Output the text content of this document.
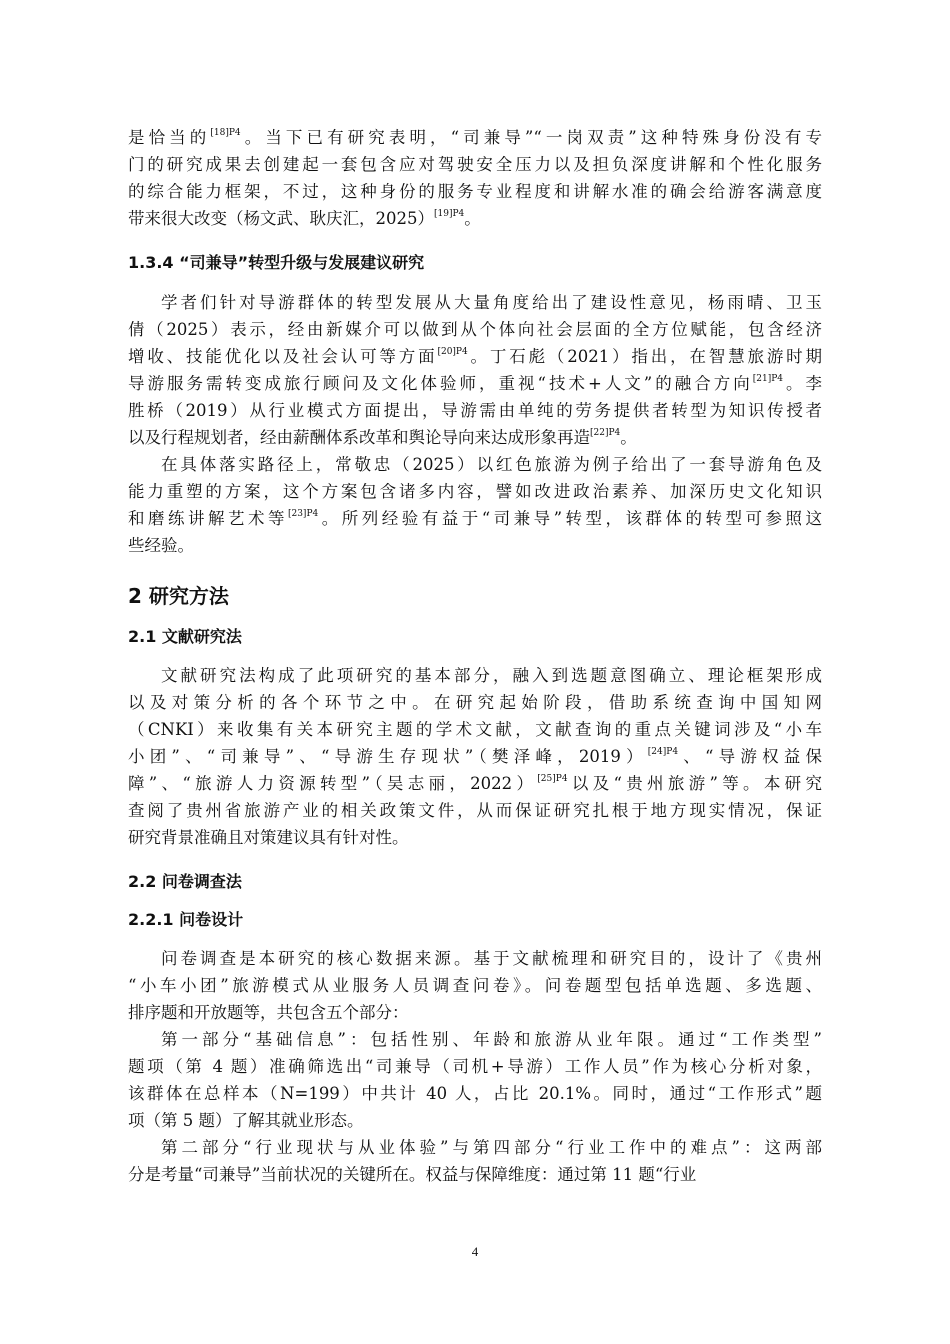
是恰当的$^{[18]P4}$。当下已有研究表明，“司兼导”“一岗双责”这种特殊身份没有专
门的研究成果去创建起一套包含应对驾驶安全压力以及担负深度讲解和个性化服务
的综合能力框架，不过，这种身份的服务专业程度和讲解水准的确会给游客满意度
带来很大改变（杨文武、耿庆汇，2025）$^{[19]P4}$。
1.3.4 “司兼导”转型升级与发展建议研究
学者们针对导游群体的转型发展从大量角度给出了建设性意见，杨雨晴、卫玉
倩（2025）表示，经由新媒介可以做到从个体向社会层面的全方位赋能，包含经济
增收、技能优化以及社会认可等方面$^{[20]P4}$。丁石彪（2021）指出，在智慧旅游时期
导游服务需转变成旅行顾问及文化体验师，重视“技术+人文”的融合方向$^{[21]P4}$。李
胜桥（2019）从行业模式方面提出，导游需由单纯的劳务提供者转型为知识传授者
以及行程规划者，经由薪酬体系改革和舆论导向来达成形象再造$^{[22]P4}$。
在具体落实路径上，常敬忠（2025）以红色旅游为例子给出了一套导游角色及
能力重塑的方案，这个方案包含诸多内容，譬如改进政治素养、加深历史文化知识
和磨练讲解艺术等$^{[23]P4}$。所列经验有益于“司兼导”转型，该群体的转型可参照这
些经验。
2 研究方法
2.1 文献研究法
文献研究法构成了此项研究的基本部分，融入到选题意图确立、理论框架形成
以及对策分析的各个环节之中。在研究起始阶段，借助系统查询中国知网
（CNKI）来收集有关本研究主题的学术文献，文献查询的重点关键词涉及“小车
小团”、“司兼导”、“导游生存现状”（樊泽峰，2019）$^{[24]P4}$、“导游权益保
障”、“旅游人力资源转型”（吴志丽，2022）$^{[25]P4}$以及“贵州旅游”等。本研究
查阅了贵州省旅游产业的相关政策文件，从而保证研究扎根于地方现实情况，保证
研究背景准确且对策建议具有针对性。
2.2 问卷调查法
2.2.1 问卷设计
问卷调查是本研究的核心数据来源。基于文献梳理和研究目的，设计了《贵州
“小车小团”旅游模式从业服务人员调查问卷》。问卷题型包括单选题、多选题、
排序题和开放题等，共包含五个部分：
第一部分“基础信息”：包括性别、年龄和旅游从业年限。通过“工作类型”
题项（第 4 题）准确筛选出“司兼导（司机+导游）工作人员”作为核心分析对象，
该群体在总样本（N=199）中共计 40 人，占比 20.1%。同时，通过“工作形式”题
项（第 5 题）了解其就业形态。
第二部分“行业现状与从业体验”与第四部分“行业工作中的难点”：这两部
分是考量“司兼导”当前状况的关键所在。权益与保障维度：通过第 11 题“行业
4
